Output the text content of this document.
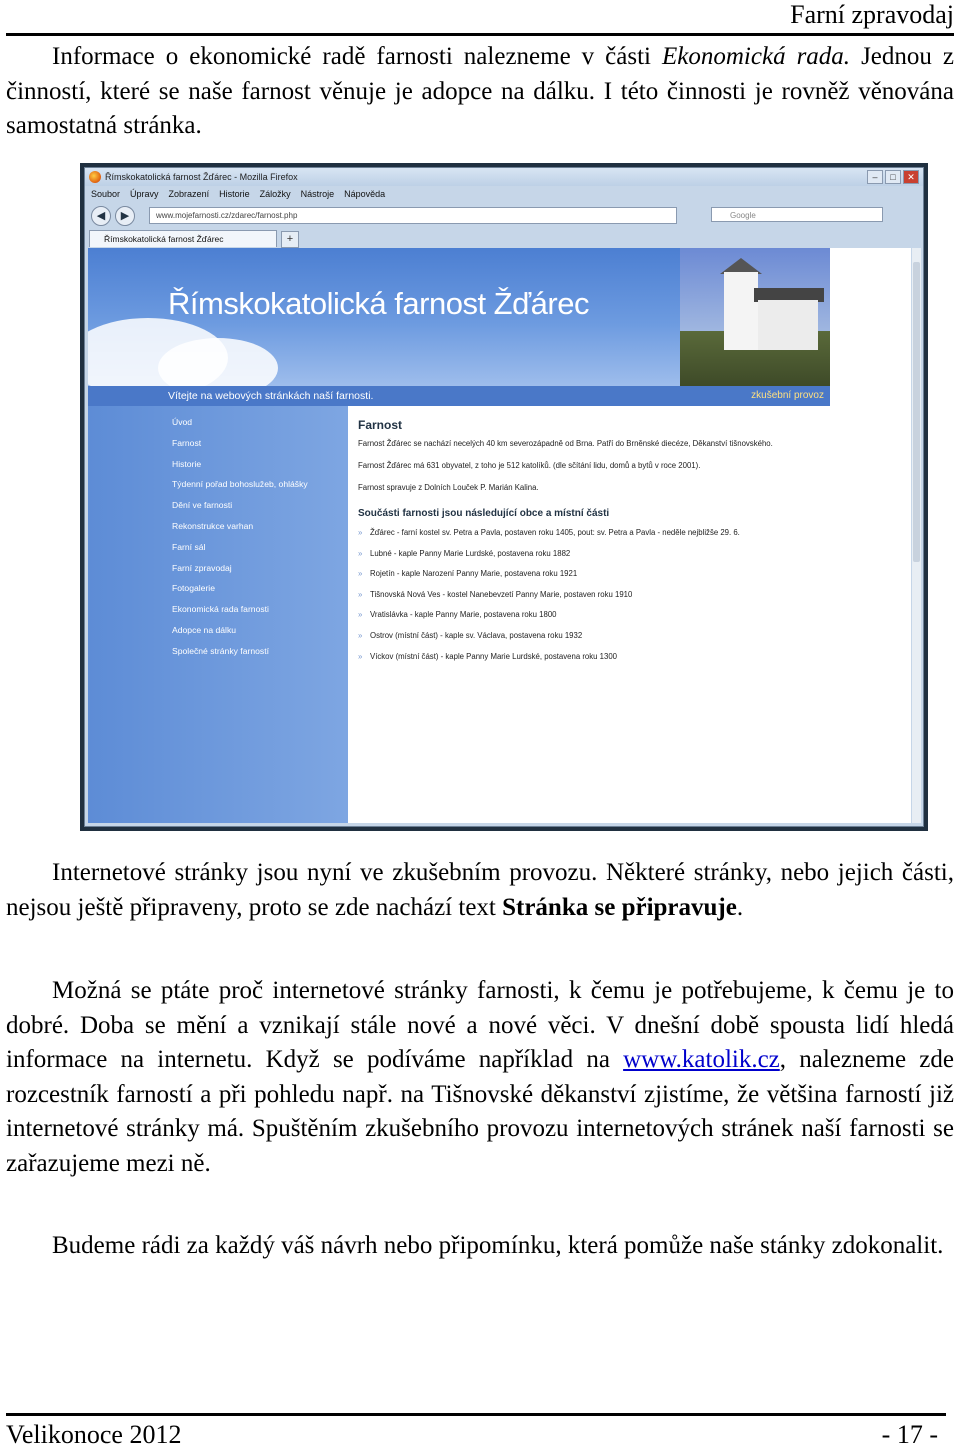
Farní zpravodaj
Informace o ekonomické radě farnosti nalezneme v části Ekonomická rada. Jednou z činností, které se naše farnost věnuje je adopce na dálku. I této činnosti je rovněž věnována samostatná stránka.
Římskokatolická farnost Žďárec - Mozilla Firefox	–	□	✕
Soubor Úpravy Zobrazení Historie Záložky Nástroje Nápověda
◀	▶	www.mojefarnosti.cz/zdarec/farnost.php	Google
Římskokatolická farnost Žďárec	+
Římskokatolická farnost Žďárec
Vítejte na webových stránkách naší farnosti.	zkušební provoz
Úvod
Farnost
Historie
Týdenní pořad bohoslužeb, ohlášky
Dění ve farnosti
Rekonstrukce varhan
Farní sál
Farní zpravodaj
Fotogalerie
Ekonomická rada farnosti
Adopce na dálku
Společné stránky farností
Farnost

Farnost Žďárec se nachází necelých 40 km severozápadně od Brna. Patří do Brněnské diecéze, Děkanství tišnovského.

Farnost Žďárec má 631 obyvatel, z toho je 512 katolíků. (dle sčítání lidu, domů a bytů v roce 2001).

Farnost spravuje z Dolních Louček P. Marián Kalina.

Součásti farnosti jsou následující obce a místní části
» Žďárec - farní kostel sv. Petra a Pavla, postaven roku 1405, pout: sv. Petra a Pavla - neděle nejbližše 29. 6.
» Lubné - kaple Panny Marie Lurdské, postavena roku 1882
» Rojetín - kaple Narození Panny Marie, postavena roku 1921
» Tišnovská Nová Ves - kostel Nanebevzetí Panny Marie, postaven roku 1910
» Vratislávka - kaple Panny Marie, postavena roku 1800
» Ostrov (místní část) - kaple sv. Václava, postavena roku 1932
» Víckov (místní část) - kaple Panny Marie Lurdské, postavena roku 1300
Internetové stránky jsou nyní ve zkušebním provozu. Některé stránky, nebo jejich části, nejsou ještě připraveny, proto se zde nachází text Stránka se připravuje.
Možná se ptáte proč internetové stránky farnosti, k čemu je potřebujeme, k čemu je to dobré. Doba se mění a vznikají stále nové a nové věci. V dnešní době spousta lidí hledá informace na internetu. Když se podíváme například na www.katolik.cz, nalezneme zde rozcestník farností a při pohledu např. na Tišnovské děkanství zjistíme, že většina farností již internetové stránky má. Spuštěním zkušebního provozu internetových stránek naší farnosti se zařazujeme mezi ně.
Budeme rádi za každý váš návrh nebo připomínku, která pomůže naše stánky zdokonalit.
Velikonoce 2012	- 17 -
